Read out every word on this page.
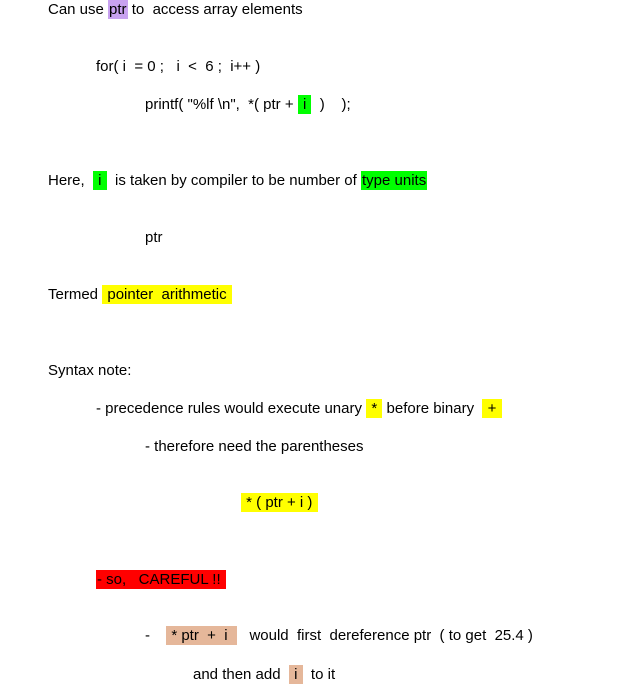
Can use ptr to  access array elements
for( i  = 0 ;   i  <  6 ;  i++ )
printf( "%lf \n",  *( ptr +  i   )    );
Here,   i   is taken by compiler to be number of type units
ptr
Termed  pointer  arithmetic
Syntax note:
- precedence rules would execute unary  *  before binary   +
- therefore need the parentheses
* ( ptr + i )
- so,   CAREFUL !!
-  * ptr  +  i     would  first  dereference ptr  ( to get  25.4 )
and then add   i   to it
